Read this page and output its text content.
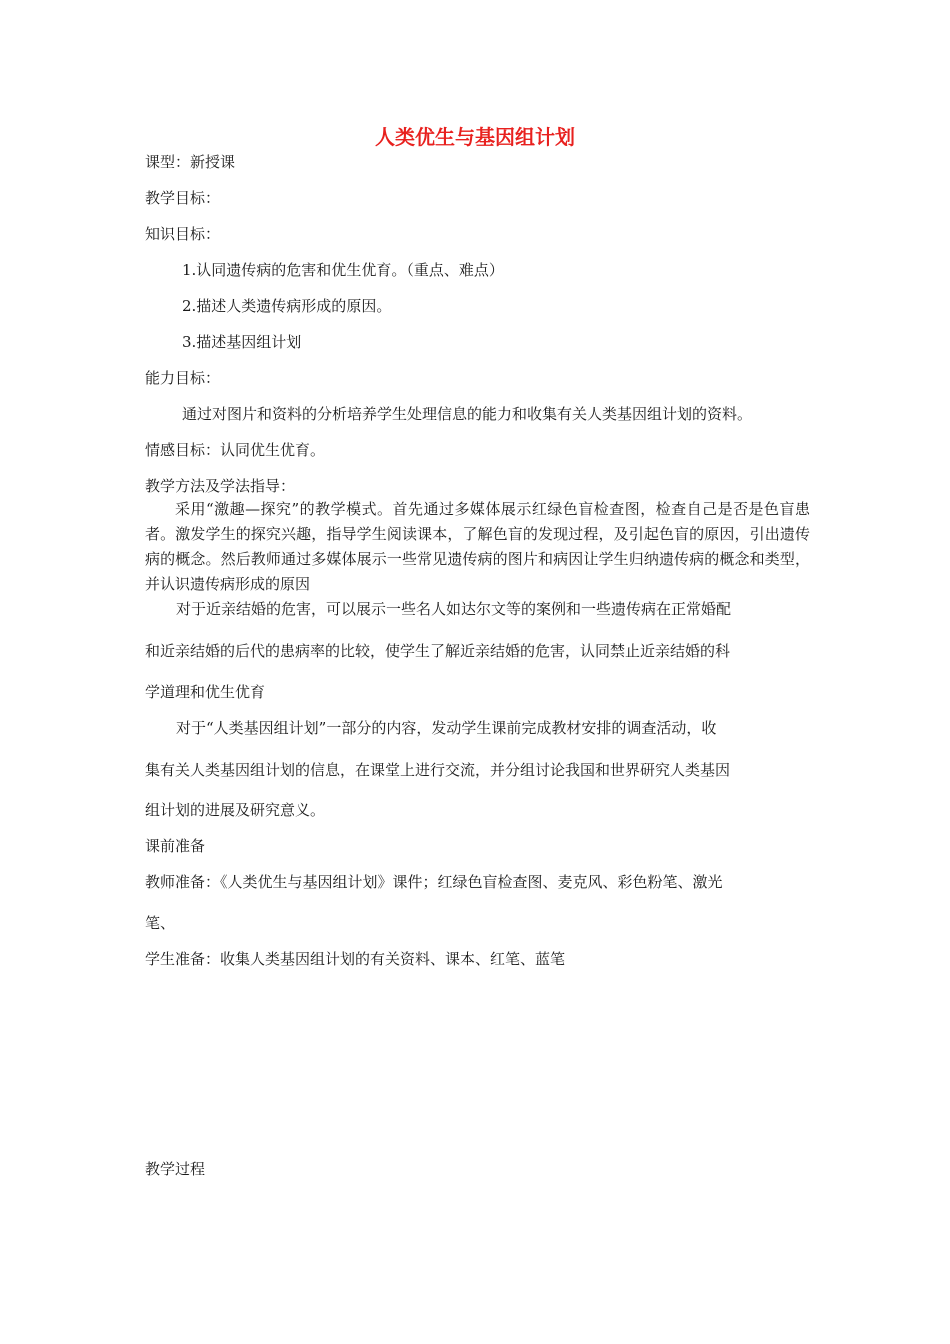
人类优生与基因组计划
课型：新授课
教学目标：
知识目标：
1.认同遗传病的危害和优生优育。（重点、难点）
2.描述人类遗传病形成的原因。
3.描述基因组计划
能力目标：
通过对图片和资料的分析培养学生处理信息的能力和收集有关人类基因组计划的资料。
情感目标：认同优生优育。
教学方法及学法指导：
采用“激趣—探究”的教学模式。首先通过多媒体展示红绿色盲检查图，检查自己是否是色盲患者。激发学生的探究兴趣，指导学生阅读课本，了解色盲的发现过程，及引起色盲的原因，引出遗传病的概念。然后教师通过多媒体展示一些常见遗传病的图片和病因让学生归纳遗传病的概念和类型，并认识遗传病形成的原因
对于近亲结婚的危害，可以展示一些名人如达尔文等的案例和一些遗传病在正常婚配
和近亲结婚的后代的患病率的比较，使学生了解近亲结婚的危害，认同禁止近亲结婚的科
学道理和优生优育
对于“人类基因组计划”一部分的内容，发动学生课前完成教材安排的调查活动，收
集有关人类基因组计划的信息，在课堂上进行交流，并分组讨论我国和世界研究人类基因
组计划的进展及研究意义。
课前准备
教师准备：《人类优生与基因组计划》课件；红绿色盲检查图、麦克风、彩色粉笔、激光
笔、
学生准备：收集人类基因组计划的有关资料、课本、红笔、蓝笔
教学过程
